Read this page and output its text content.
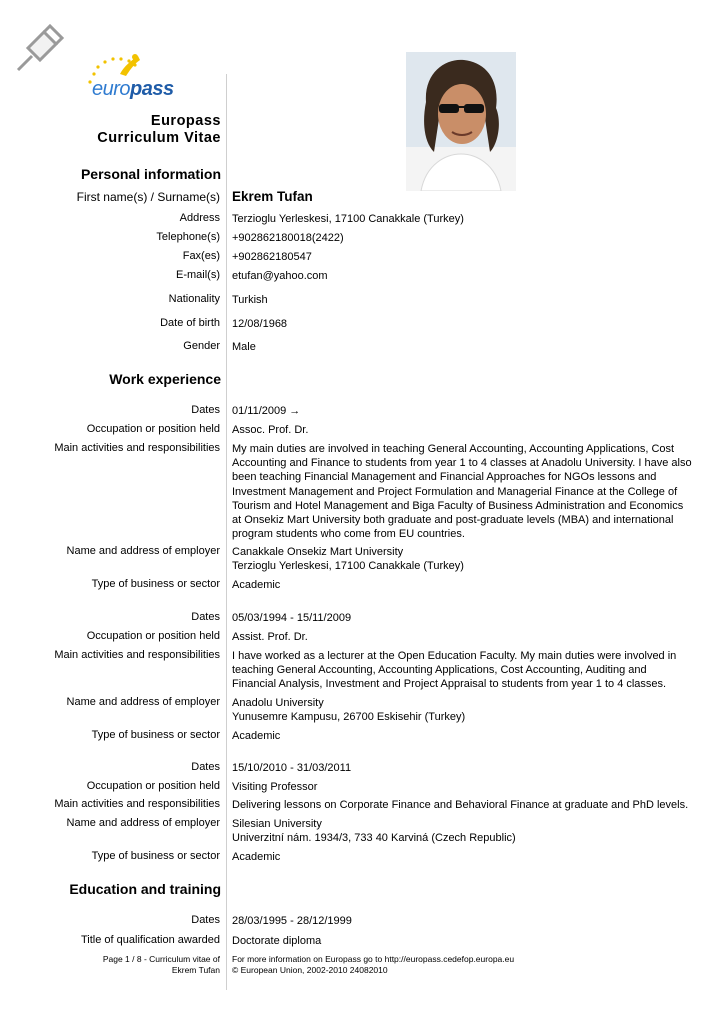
europass
Europass
Curriculum Vitae
Personal information
First name(s) / Surname(s) Ekrem Tufan
Address Terzioglu Yerleskesi, 17100 Canakkale (Turkey)
Telephone(s) +902862180018(2422)
Fax(es) +902862180547
E-mail(s) etufan@yahoo.com
Nationality Turkish
Date of birth 12/08/1968
Gender Male
Work experience
Dates 01/11/2009 →
Occupation or position held Assoc. Prof. Dr.
Main activities and responsibilities My main duties are involved in teaching General Accounting, Accounting Applications, Cost Accounting and Finance to students from year 1 to 4 classes at Anadolu University. I have also been teaching Financial Management and Financial Approaches for NGOs lessons and Investment Management and Project Formulation and Managerial Finance at the College of Tourism and Hotel Management and Biga Faculty of Business Administration and Economics at Onsekiz Mart University both graduate and post-graduate levels (MBA) and international program students who come from EU countries.
Name and address of employer Canakkale Onsekiz Mart University
Terzioglu Yerleskesi, 17100 Canakkale (Turkey)
Type of business or sector Academic
Dates 05/03/1994 - 15/11/2009
Occupation or position held Assist. Prof. Dr.
Main activities and responsibilities I have worked as a lecturer at the Open Education Faculty. My main duties were involved in teaching General Accounting, Accounting Applications, Cost Accounting, Auditing and Financial Analysis, Investment and Project Appraisal to students from year 1 to 4 classes.
Name and address of employer Anadolu University
Yunusemre Kampusu, 26700 Eskisehir (Turkey)
Type of business or sector Academic
Dates 15/10/2010 - 31/03/2011
Occupation or position held Visiting Professor
Main activities and responsibilities Delivering lessons on Corporate Finance and Behavioral Finance at graduate and PhD levels.
Name and address of employer Silesian University
Univerzitní nám. 1934/3, 733 40 Karviná (Czech Republic)
Type of business or sector Academic
Education and training
Dates 28/03/1995 - 28/12/1999
Title of qualification awarded Doctorate diploma
Page 1 / 8 - Curriculum vitae of
Ekrem Tufan
For more information on Europass go to http://europass.cedefop.europa.eu
© European Union, 2002-2010 24082010
